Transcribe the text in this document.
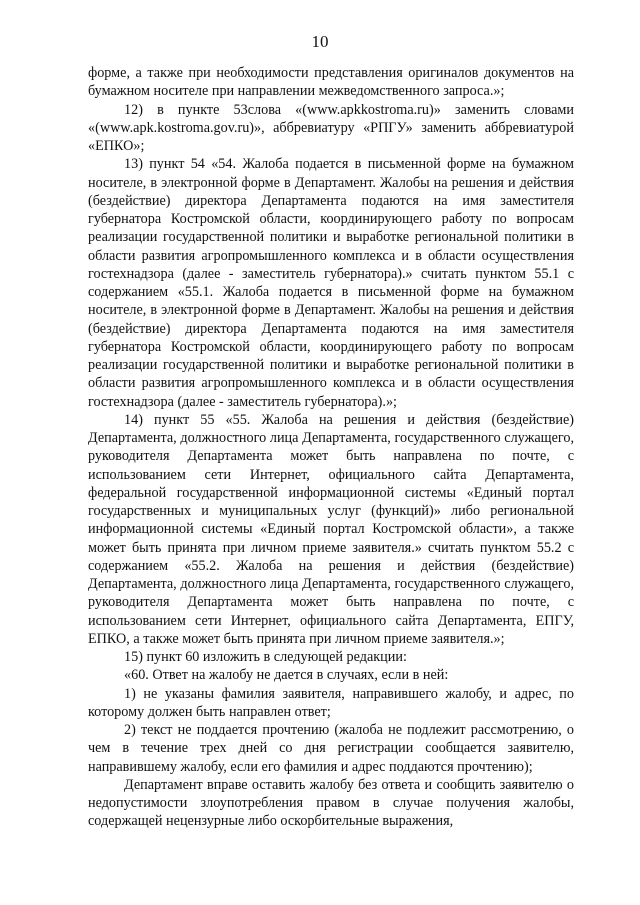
10

форме, а также при необходимости представления оригиналов документов на бумажном носителе при направлении межведомственного запроса.»;

12) в пункте 53слова «(www.apkkostroma.ru)» заменить словами «(www.apk.kostroma.gov.ru)», аббревиатуру «РПГУ» заменить аббревиатурой «ЕПКО»;

13) пункт 54 «54. Жалоба подается в письменной форме на бумажном носителе, в электронной форме в Департамент. Жалобы на решения и действия (бездействие) директора Департамента подаются на имя заместителя губернатора Костромской области, координирующего работу по вопросам реализации государственной политики и выработке региональной политики в области развития агропромышленного комплекса и в области осуществления гостехнадзора (далее - заместитель губернатора).» считать пунктом 55.1 с содержанием «55.1. Жалоба подается в письменной форме на бумажном носителе, в электронной форме в Департамент. Жалобы на решения и действия (бездействие) директора Департамента подаются на имя заместителя губернатора Костромской области, координирующего работу по вопросам реализации государственной политики и выработке региональной политики в области развития агропромышленного комплекса и в области осуществления гостехнадзора (далее - заместитель губернатора).»;

14) пункт 55 «55. Жалоба на решения и действия (бездействие) Департамента, должностного лица Департамента, государственного служащего, руководителя Департамента может быть направлена по почте, с использованием сети Интернет, официального сайта Департамента, федеральной государственной информационной системы «Единый портал государственных и муниципальных услуг (функций)» либо региональной информационной системы «Единый портал Костромской области», а также может быть принята при личном приеме заявителя.» считать пунктом 55.2 с содержанием «55.2. Жалоба на решения и действия (бездействие) Департамента, должностного лица Департамента, государственного служащего, руководителя Департамента может быть направлена по почте, с использованием сети Интернет, официального сайта Департамента, ЕПГУ, ЕПКО, а также может быть принята при личном приеме заявителя.»;

15) пункт 60 изложить в следующей редакции:

«60. Ответ на жалобу не дается в случаях, если в ней:

1) не указаны фамилия заявителя, направившего жалобу, и адрес, по которому должен быть направлен ответ;

2) текст не поддается прочтению (жалоба не подлежит рассмотрению, о чем в течение трех дней со дня регистрации сообщается заявителю, направившему жалобу, если его фамилия и адрес поддаются прочтению);

Департамент вправе оставить жалобу без ответа и сообщить заявителю о недопустимости злоупотребления правом в случае получения жалобы, содержащей нецензурные либо оскорбительные выражения,
